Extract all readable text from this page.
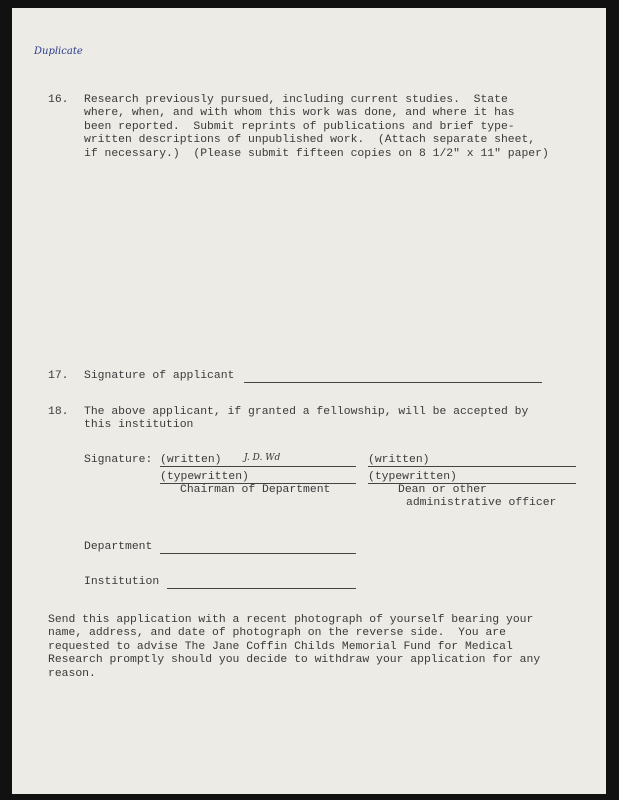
Duplicate
16. Research previously pursued, including current studies.  State
where, when, and with whom this work was done, and where it has
been reported.  Submit reprints of publications and brief type-
written descriptions of unpublished work.  (Attach separate sheet,
if necessary.)  (Please submit fifteen copies on 8 1/2" x 11" paper)
17. Signature of applicant
18. The above applicant, if granted a fellowship, will be accepted by
this institution
Signature: (written) J. D. Wd
(typewritten)
Chairman of Department
(written)
(typewritten)
Dean or other
administrative officer
Department
Institution
Send this application with a recent photograph of yourself bearing your
name, address, and date of photograph on the reverse side.  You are
requested to advise The Jane Coffin Childs Memorial Fund for Medical
Research promptly should you decide to withdraw your application for any
reason.
